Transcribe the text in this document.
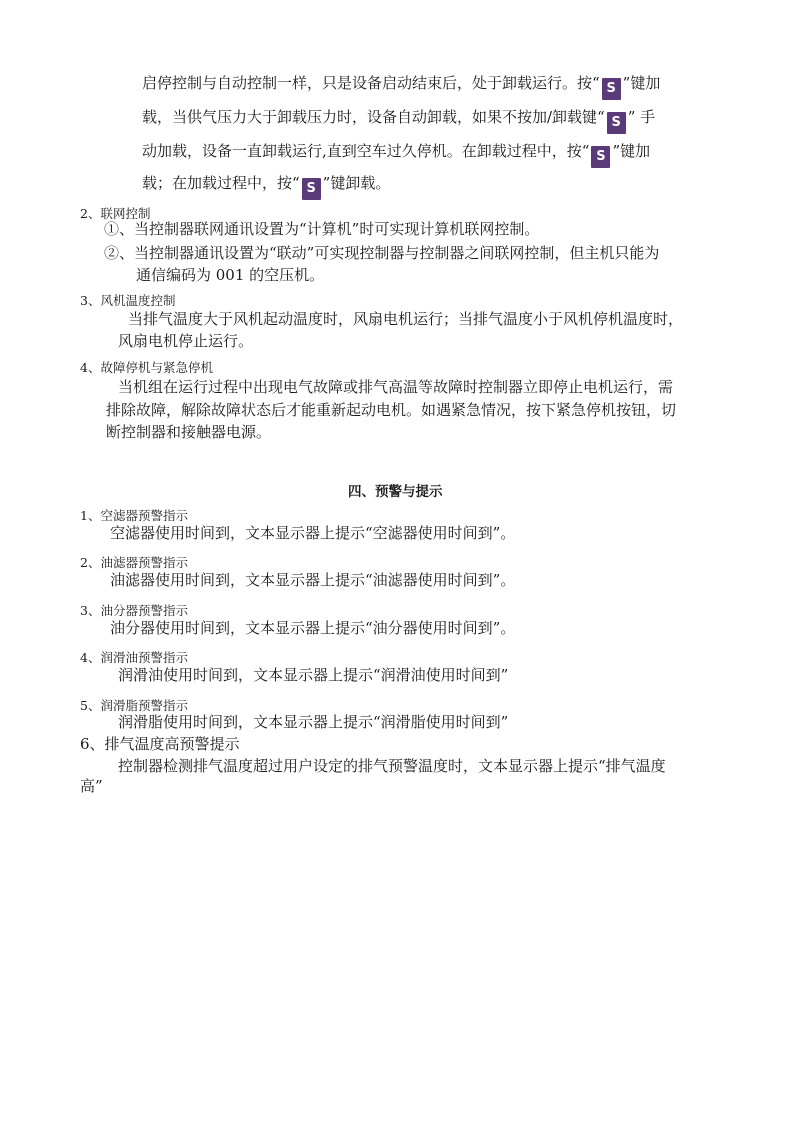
启停控制与自动控制一样，只是设备启动结束后，处于卸载运行。按“ S ”键加
载，当供气压力大于卸载压力时，设备自动卸载，如果不按加/卸载键“ S ” 手
动加载，设备一直卸载运行,直到空车过久停机。在卸载过程中，按“ S ”键加
载；在加载过程中，按“ S ”键卸载。
2、联网控制
①、当控制器联网通讯设置为“计算机”时可实现计算机联网控制。
②、当控制器通讯设置为“联动”可实现控制器与控制器之间联网控制，但主机只能为
通信编码为 001 的空压机。
3、风机温度控制
当排气温度大于风机起动温度时，风扇电机运行；当排气温度小于风机停机温度时，
风扇电机停止运行。
4、故障停机与紧急停机
当机组在运行过程中出现电气故障或排气高温等故障时控制器立即停止电机运行，需
排除故障，解除故障状态后才能重新起动电机。如遇紧急情况，按下紧急停机按钮，切
断控制器和接触器电源。
四、预警与提示
1、空滤器预警指示
空滤器使用时间到，文本显示器上提示“空滤器使用时间到”。
2、油滤器预警指示
油滤器使用时间到，文本显示器上提示“油滤器使用时间到”。
3、油分器预警指示
油分器使用时间到，文本显示器上提示“油分器使用时间到”。
4、润滑油预警指示
润滑油使用时间到，文本显示器上提示“润滑油使用时间到”
5、润滑脂预警指示
润滑脂使用时间到，文本显示器上提示“润滑脂使用时间到”
6、排气温度高预警提示
控制器检测排气温度超过用户设定的排气预警温度时，文本显示器上提示“排气温度
高”
